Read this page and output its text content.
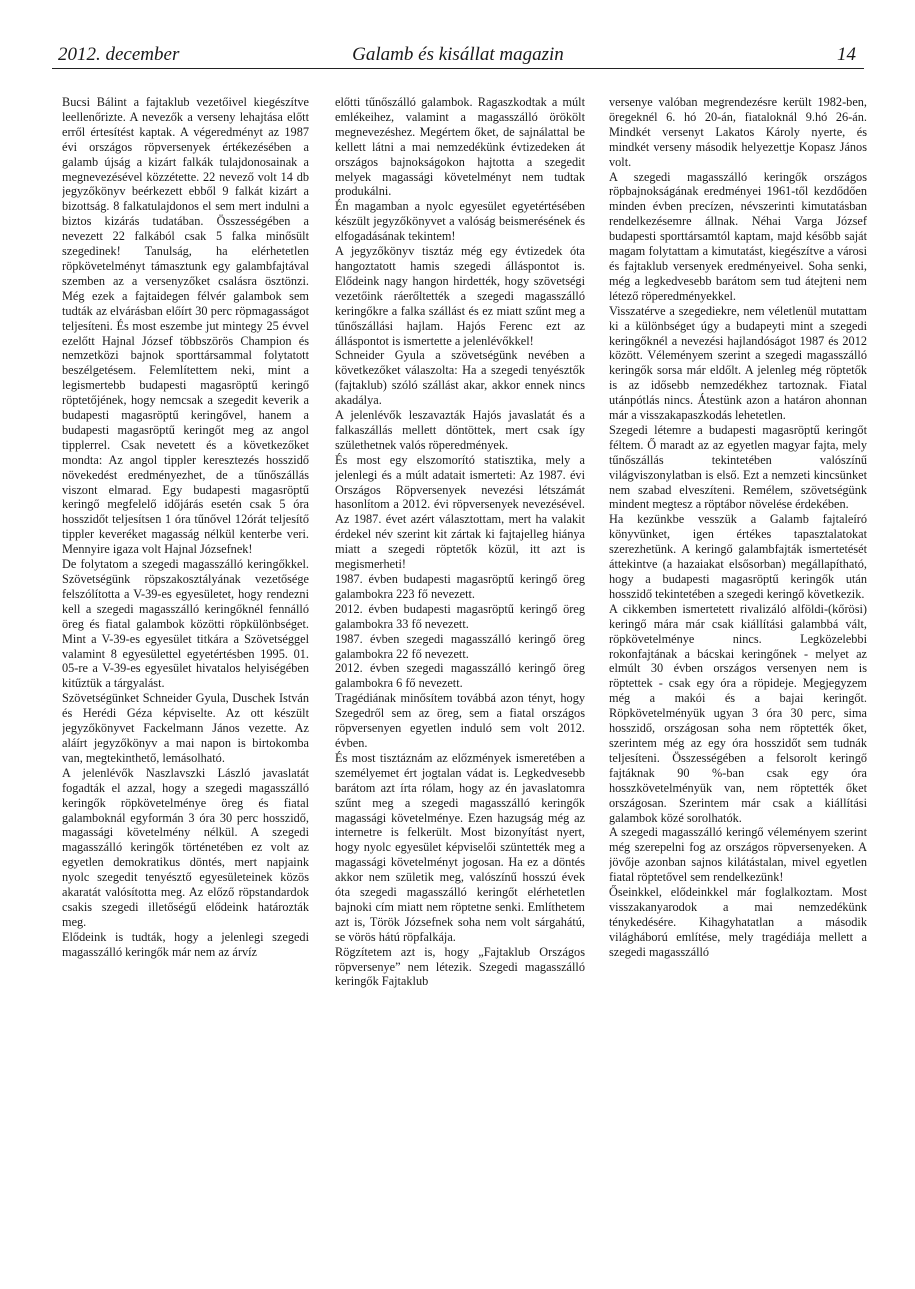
2012. december	Galamb és kisállat magazin	14

Bucsi Bálint a fajtaklub vezetőivel kiegészítve leellenőrizte. A nevezők a verseny lehajtása előtt erről értesítést kaptak. A végeredményt az 1987 évi országos röpversenyek értékezésében a galamb újság a kizárt falkák tulajdonosainak a megnevezésével közzétette. 22 nevező volt 14 db jegyzőkönyv beérkezett ebből 9 falkát kizárt a bizottság. 8 falkatulajdonos el sem mert indulni a biztos kizárás tudatában. Összességében a nevezett 22 falkából csak 5 falka minősült szegedinek! Tanulság, ha elérhetetlen röpkövetelményt támasztunk egy galambfajtával szemben az a versenyzőket csalásra ösztönzi. Még ezek a fajtaidegen félvér galambok sem tudták az elvárásban előírt 30 perc röpmagasságot teljesíteni. És most eszembe jut mintegy 25 évvel ezelőtt Hajnal József többszörös Champion és nemzetközi bajnok sporttársammal folytatott beszélgetésem. Felemlítettem neki, mint a legismertebb budapesti magasröptű keringő röptetőjének, hogy nemcsak a szegedit keverik a budapesti magasröptű keringővel, hanem a budapesti magasröptű keringőt meg az angol tipplerrel. Csak nevetett és a következőket mondta: Az angol tippler keresztezés hosszidő növekedést eredményezhet, de a tűnőszállás viszont elmarad. Egy budapesti magasröptű keringő megfelelő időjárás esetén csak 5 óra hosszidőt teljesítsen 1 óra tűnővel 12órát teljesítő tippler keveréket magasság nélkül kenterbe veri. Mennyire igaza volt Hajnal Józsefnek!

De folytatom a szegedi magasszálló keringőkkel. Szövetségünk röpszakosztályának vezetősége felszólította a V-39-es egyesületet, hogy rendezni kell a szegedi magasszálló keringőknél fennálló öreg és fiatal galambok közötti röpkülönbséget. Mint a V-39-es egyesület titkára a Szövetséggel valamint 8 egyesülettel egyetértésben 1995. 01. 05-re a V-39-es egyesület hivatalos helyiségében kitűztük a tárgyalást.

Szövetségünket Schneider Gyula, Duschek István és Herédi Géza képviselte. Az ott készült jegyzőkönyvet Fackelmann János vezette. Az aláírt jegyzőkönyv a mai napon is birtokomba van, megtekinthető, lemásolható.

A jelenlévők Naszlavszki László javaslatát fogadták el azzal, hogy a szegedi magasszálló keringők röpkövetelménye öreg és fiatal galamboknál egyformán 3 óra 30 perc hosszidő, magassági követelmény nélkül. A szegedi magasszálló keringők történetében ez volt az egyetlen demokratikus döntés, mert napjaink nyolc szegedit tenyésztő egyesületeinek közös akaratát valósította meg. Az előző röpstandardok csakis szegedi illetőségű elődeink határozták meg.

Elődeink is tudták, hogy a jelenlegi szegedi magasszálló keringők már nem az árvíz

előtti tűnőszálló galambok. Ragaszkodtak a múlt emlékeihez, valamint a magasszálló örökölt megnevezéshez. Megértem őket, de sajnálattal be kellett látni a mai nemzedékünk évtizedeken át országos bajnokságokon hajtotta a szegedit melyek magassági követelményt nem tudtak produkálni.

Én magamban a nyolc egyesület egyetértésében készült jegyzőkönyvet a valóság beismerésének és elfogadásának tekintem!

A jegyzőkönyv tisztáz még egy évtizedek óta hangoztatott hamis szegedi álláspontot is. Elődeink nagy hangon hirdették, hogy szövetségi vezetőink ráerőltették a szegedi magasszálló keringőkre a falka szállást és ez miatt szűnt meg a tűnőszállási hajlam. Hajós Ferenc ezt az álláspontot is ismertette a jelenlévőkkel!

Schneider Gyula a szövetségünk nevében a következőket válaszolta: Ha a szegedi tenyésztők (fajtaklub) szóló szállást akar, akkor ennek nincs akadálya.

A jelenlévők leszavazták Hajós javaslatát és a falkaszállás mellett döntöttek, mert csak így születhetnek valós röperedmények.

És most egy elszomorító statisztika, mely a jelenlegi és a múlt adatait ismerteti: Az 1987. évi Országos Röpversenyek nevezési létszámát hasonlítom a 2012. évi röpversenyek nevezésével. Az 1987. évet azért választottam, mert ha valakit érdekel név szerint kit zártak ki fajtajelleg hiánya miatt a szegedi röptetők közül, itt azt is megismerheti!

1987. évben budapesti magasröptű keringő öreg galambokra 223 fő nevezett.

2012. évben budapesti magasröptű keringő öreg galambokra 33 fő nevezett.

1987. évben szegedi magasszálló keringő öreg galambokra 22 fő nevezett.

2012. évben szegedi magasszálló keringő öreg galambokra 6 fő nevezett.

Tragédiának minősítem továbbá azon tényt, hogy Szegedről sem az öreg, sem a fiatal országos röpversenyen egyetlen induló sem volt 2012. évben.

És most tisztáznám az előzmények ismeretében a személyemet ért jogtalan vádat is. Legkedvesebb barátom azt írta rólam, hogy az én javaslatomra szűnt meg a szegedi magasszálló keringők magassági követelménye. Ezen hazugság még az internetre is felkerült. Most bizonyítást nyert, hogy nyolc egyesület képviselői szüntették meg a magassági követelményt jogosan. Ha ez a döntés akkor nem születik meg, valószínű hosszú évek óta szegedi magasszálló keringőt elérhetetlen bajnoki cím miatt nem röptetne senki. Említhetem azt is, Török Józsefnek soha nem volt sárgahátú, se vörös hátú röpfalkája.

Rögzítetem azt is, hogy „Fajtaklub Országos röpversenye” nem létezik. Szegedi magasszálló keringők Fajtaklub

versenye valóban megrendezésre került 1982-ben, öregeknél 6. hó 20-án, fiataloknál 9.hó 26-án. Mindkét versenyt Lakatos Károly nyerte, és mindkét verseny második helyezettje Kopasz János volt.

A szegedi magasszálló keringők országos röpbajnokságának eredményei 1961-től kezdődően minden évben precízen, névszerinti kimutatásban rendelkezésemre állnak. Néhai Varga József budapesti sporttársamtól kaptam, majd később saját magam folytattam a kimutatást, kiegészítve a városi és fajtaklub versenyek eredményeivel. Soha senki, még a legkedvesebb barátom sem tud átejteni nem létező röperedményekkel.

Visszatérve a szegediekre, nem véletlenül mutattam ki a különbséget úgy a budapeyti mint a szegedi keringőknél a nevezési hajlandóságot 1987 és 2012 között. Véleményem szerint a szegedi magasszálló keringők sorsa már eldőlt. A jelenleg még röptetők is az idősebb nemzedékhez tartoznak. Fiatal utánpótlás nincs. Átestünk azon a határon ahonnan már a visszakapaszkodás lehetetlen.

Szegedi létemre a budapesti magasröptű keringőt féltem. Ő maradt az az egyetlen magyar fajta, mely tűnőszállás tekintetében valószínű világviszonylatban is első. Ezt a nemzeti kincsünket nem szabad elveszíteni. Remélem, szövetségünk mindent megtesz a röptábor növelése érdekében.

Ha kezünkbe vesszük a Galamb fajtaleíró könyvünket, igen értékes tapasztalatokat szerezhetünk. A keringő galambfajták ismertetését áttekintve (a hazaiakat elsősorban) megállapítható, hogy a budapesti magasröptű keringők után hosszidő tekintetében a szegedi keringő következik.

A cikkemben ismertetett rivalizáló alföldi-(kőrösi) keringő mára már csak kiállítási galambbá vált, röpkövetelménye nincs. Legközelebbi rokonfajtának a bácskai keringőnek - melyet az elmúlt 30 évben országos versenyen nem is röptettek - csak egy óra a röpideje. Megjegyzem még a makói és a bajai keringőt. Röpkövetelményük ugyan 3 óra 30 perc, sima hosszidő, országosan soha nem röptették őket, szerintem még az egy óra hosszidőt sem tudnák teljesíteni. Összességében a felsorolt keringő fajtáknak 90 %-ban csak egy óra hosszkövetelményük van, nem röptették őket országosan. Szerintem már csak a kiállítási galambok közé sorolhatók.

A szegedi magasszálló keringő véleményem szerint még szerepelni fog az országos röpversenyeken. A jövője azonban sajnos kilátástalan, mivel egyetlen fiatal röptetővel sem rendelkezünk!

Őseinkkel, elődeinkkel már foglalkoztam. Most visszakanyarodok a mai nemzedékünk ténykedésére. Kihagyhatatlan a második világháború említése, mely tragédiája mellett a szegedi magasszálló
